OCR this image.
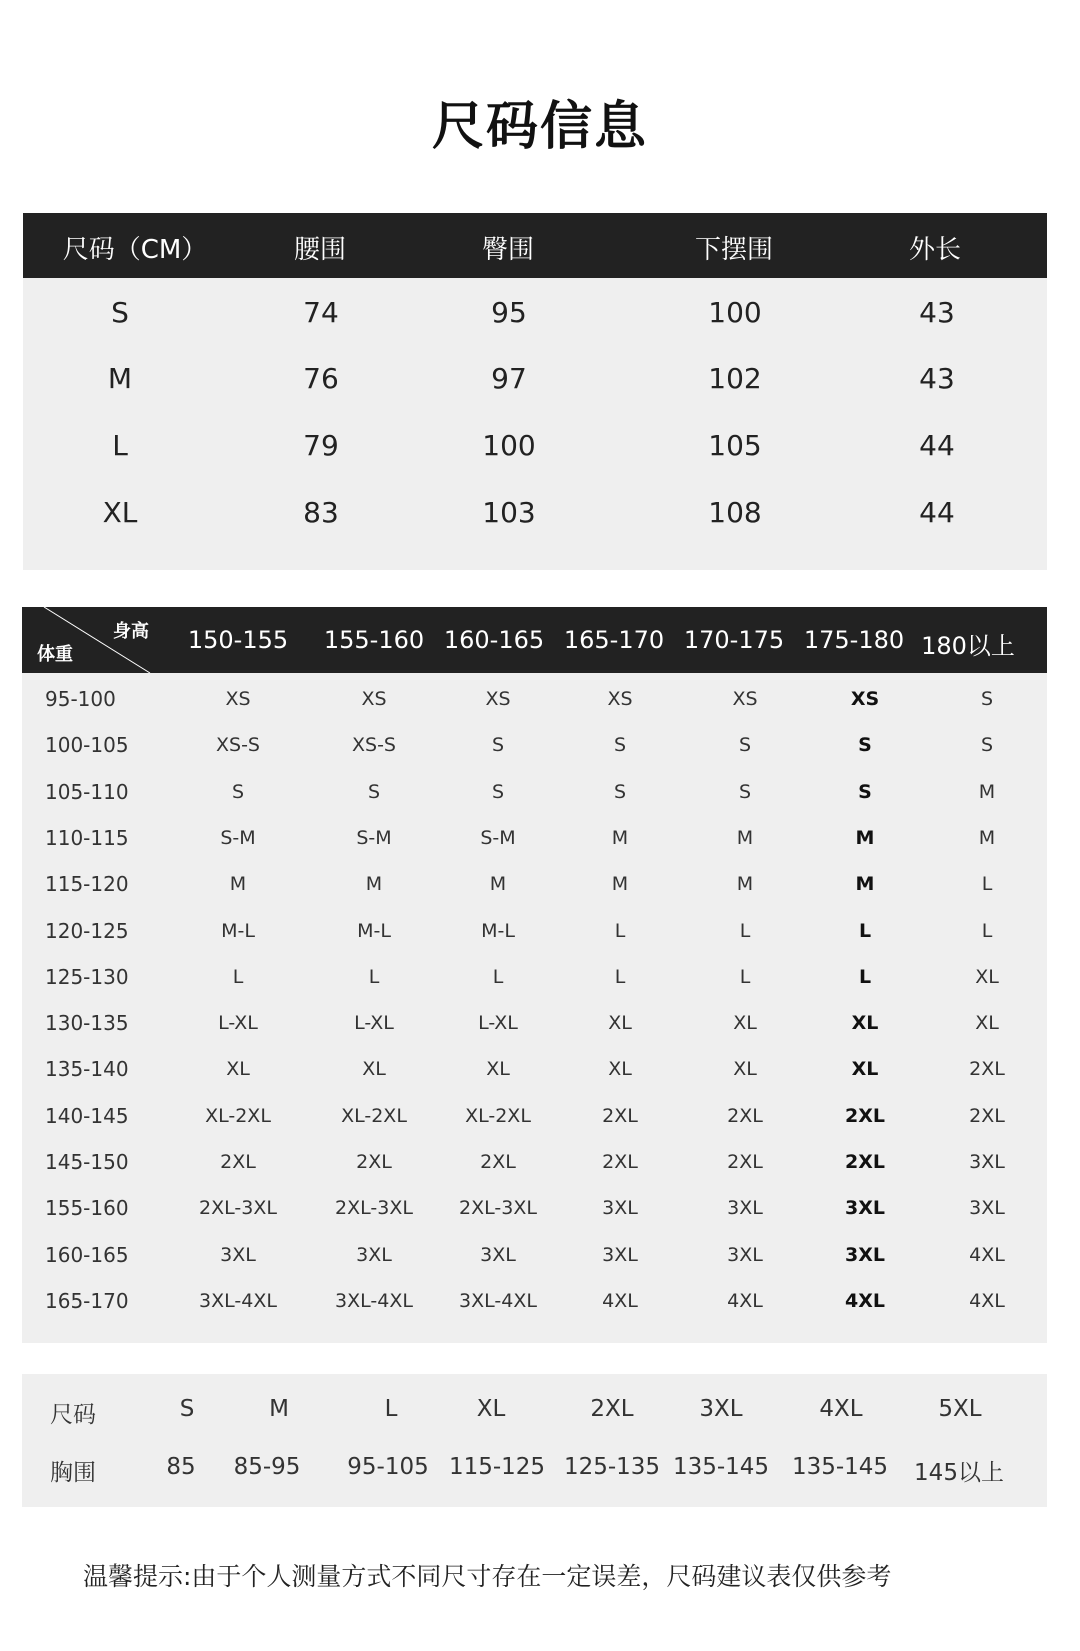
尺码信息
尺码（CM）	腰围	臀围	下摆围	外长
S	74	95	100	43
M	76	97	102	43
L	79	100	105	44
XL	83	103	108	44
身高
体重
150-155 155-160 160-165 165-170 170-175 175-180 180以上
95-100	XS	XS	XS	XS	XS	XS	S
100-105	XS-S	XS-S	S	S	S	S	S
105-110	S	S	S	S	S	S	M
110-115	S-M	S-M	S-M	M	M	M	M
115-120	M	M	M	M	M	M	L
120-125	M-L	M-L	M-L	L	L	L	L
125-130	L	L	L	L	L	L	XL
130-135	L-XL	L-XL	L-XL	XL	XL	XL	XL
135-140	XL	XL	XL	XL	XL	XL	2XL
140-145	XL-2XL	XL-2XL	XL-2XL	2XL	2XL	2XL	2XL
145-150	2XL	2XL	2XL	2XL	2XL	2XL	3XL
155-160	2XL-3XL	2XL-3XL 2XL-3XL	3XL	3XL	3XL	3XL
160-165	3XL	3XL	3XL	3XL	3XL	3XL	4XL
165-170	3XL-4XL	3XL-4XL 3XL-4XL	4XL	4XL	4XL	4XL
尺码
胸围
S	M	L	XL	2XL	3XL	4XL	5XL
85 85-95 95-105 115-125 125-135 135-145 135-145 145以上
温馨提示:由于个人测量方式不同尺寸存在一定误差，尺码建议表仅供参考
